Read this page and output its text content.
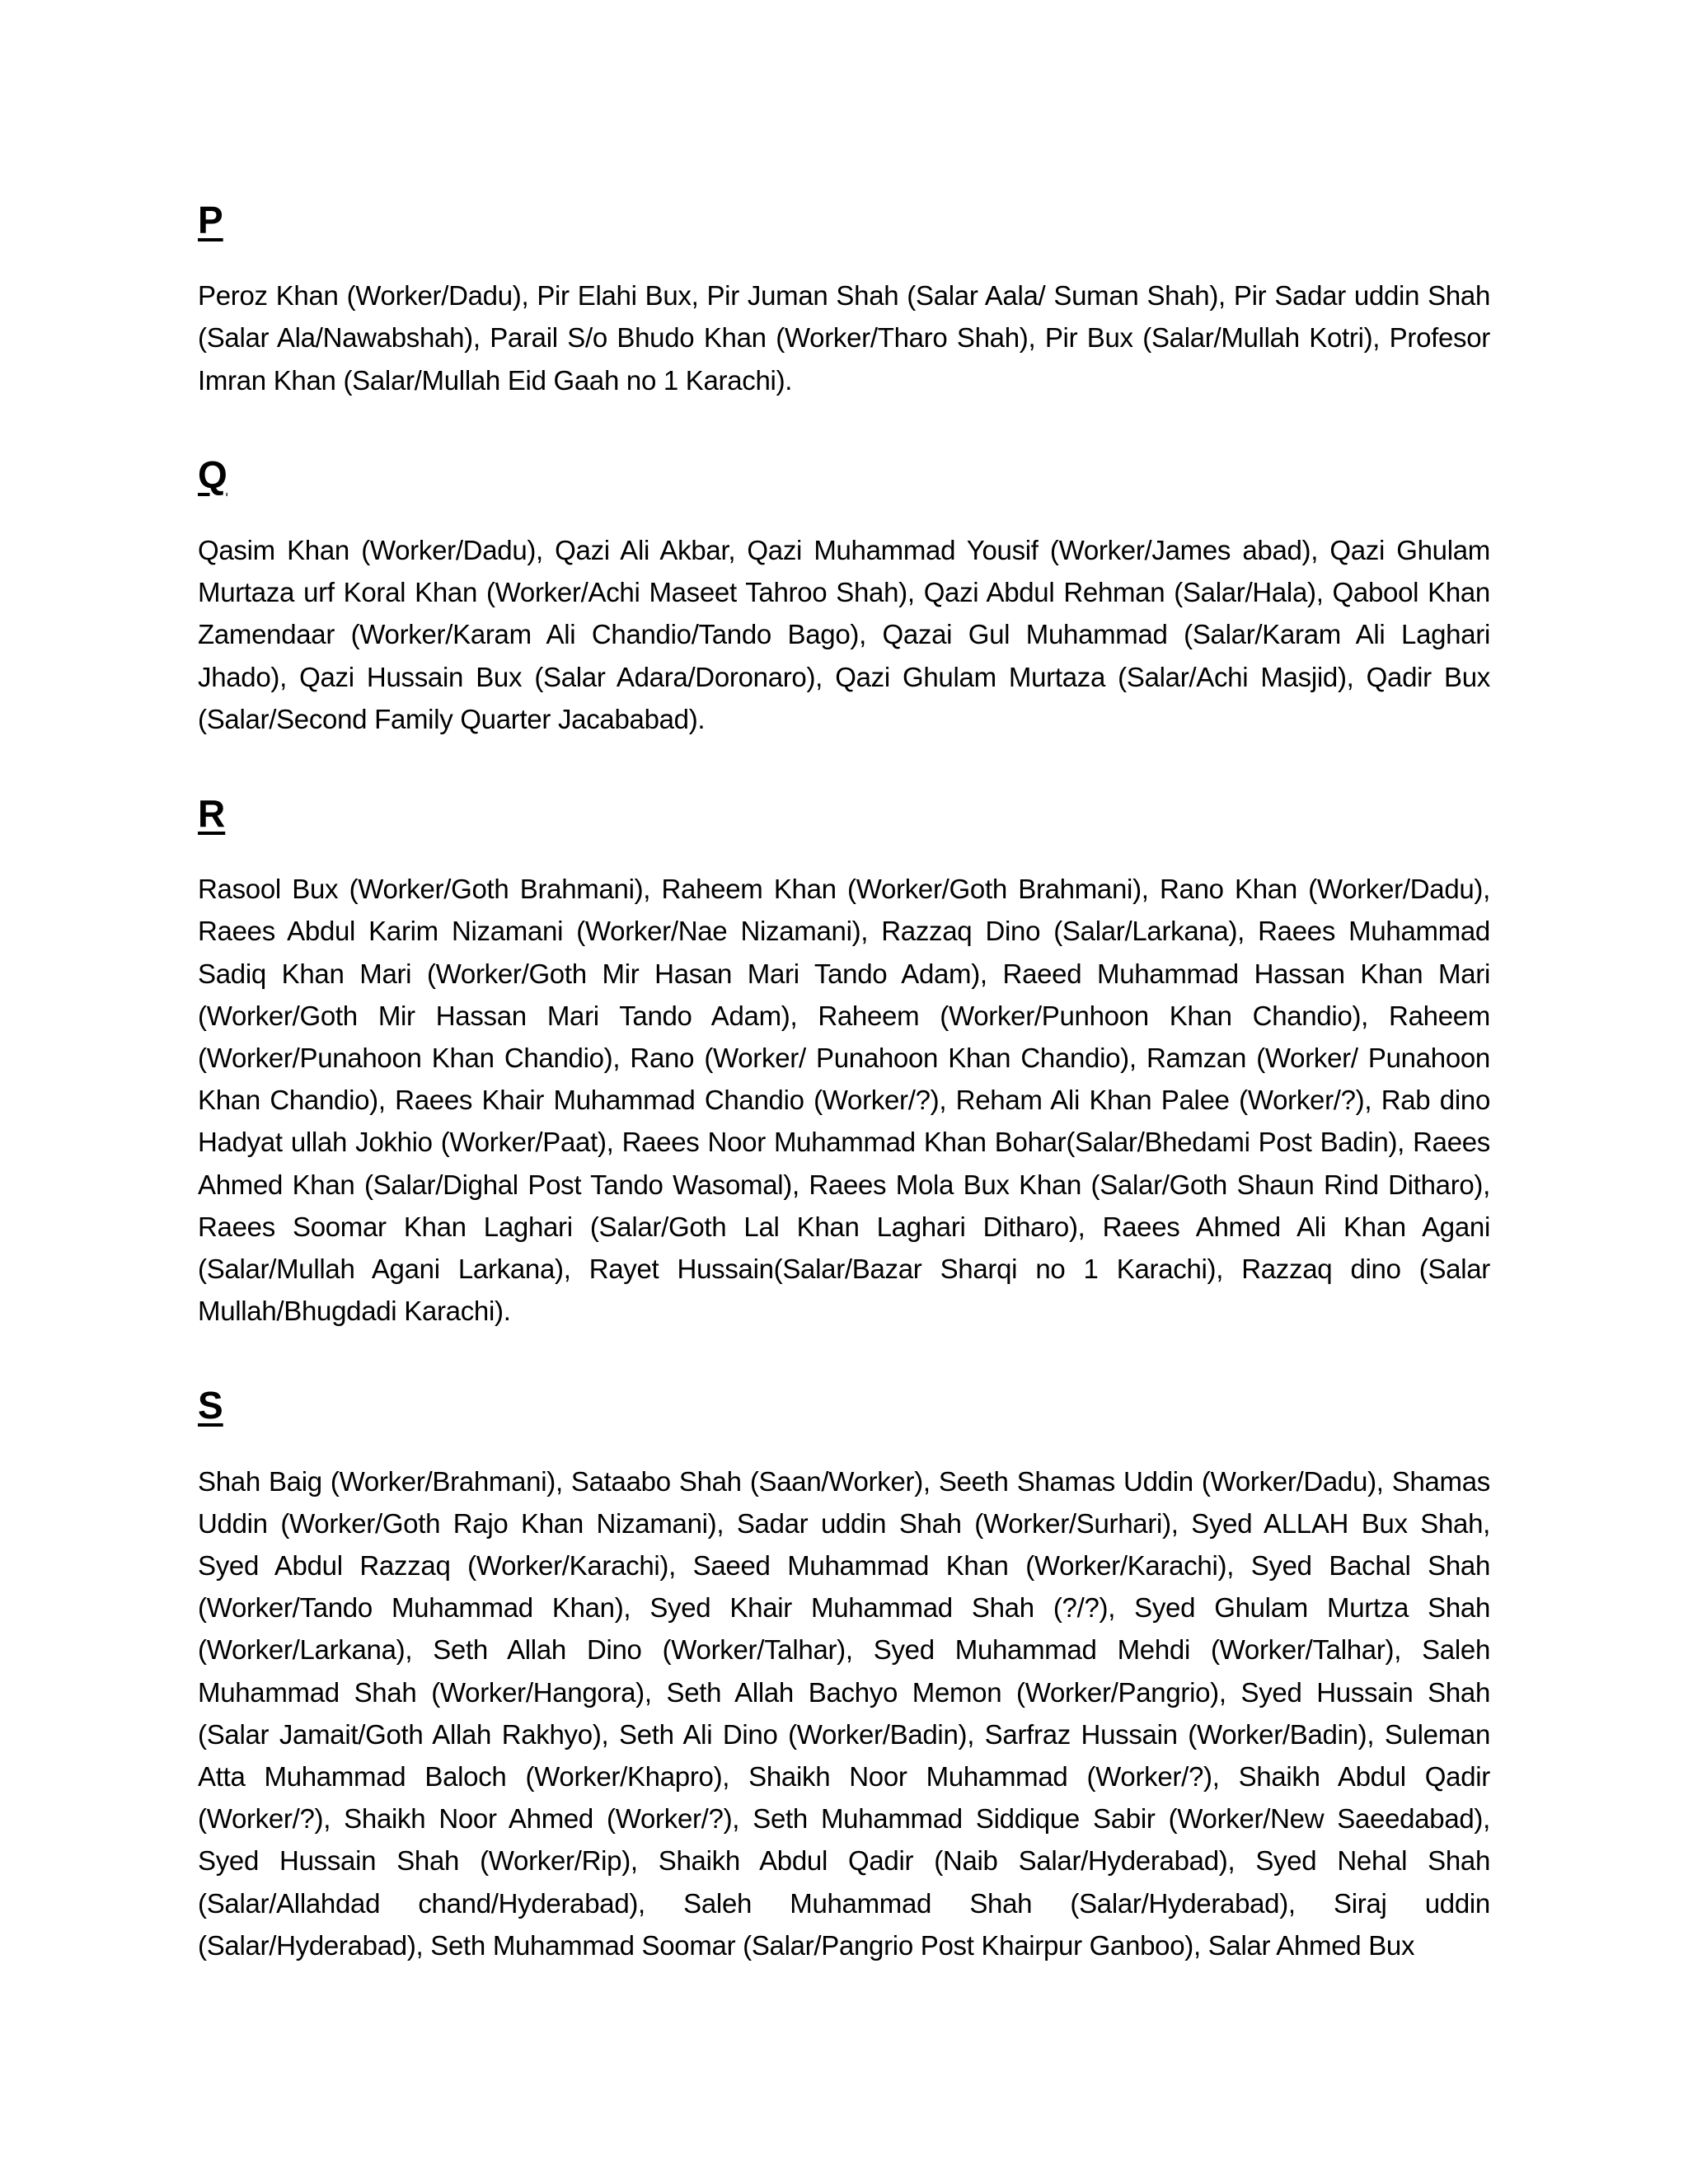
P

Peroz Khan (Worker/Dadu), Pir Elahi Bux, Pir Juman Shah (Salar Aala/ Suman Shah), Pir Sadar uddin Shah (Salar Ala/Nawabshah), Parail S/o Bhudo Khan (Worker/Tharo Shah), Pir Bux (Salar/Mullah Kotri), Profesor Imran Khan (Salar/Mullah Eid Gaah no 1 Karachi).

Q

Qasim Khan (Worker/Dadu), Qazi Ali Akbar, Qazi Muhammad Yousif (Worker/James abad), Qazi Ghulam Murtaza urf Koral Khan (Worker/Achi Maseet Tahroo Shah), Qazi Abdul Rehman (Salar/Hala), Qabool Khan Zamendaar (Worker/Karam Ali Chandio/Tando Bago), Qazai Gul Muhammad (Salar/Karam Ali Laghari Jhado), Qazi Hussain Bux (Salar Adara/Doronaro), Qazi Ghulam Murtaza (Salar/Achi Masjid), Qadir Bux (Salar/Second Family Quarter Jacababad).

R

Rasool Bux (Worker/Goth Brahmani), Raheem Khan (Worker/Goth Brahmani), Rano Khan (Worker/Dadu), Raees Abdul Karim Nizamani (Worker/Nae Nizamani), Razzaq Dino (Salar/Larkana), Raees Muhammad Sadiq Khan Mari (Worker/Goth Mir Hasan Mari Tando Adam), Raeed Muhammad Hassan Khan Mari (Worker/Goth Mir Hassan Mari Tando Adam), Raheem (Worker/Punhoon Khan Chandio), Raheem (Worker/Punahoon Khan Chandio), Rano (Worker/ Punahoon Khan Chandio), Ramzan (Worker/ Punahoon Khan Chandio), Raees Khair Muhammad Chandio (Worker/?), Reham Ali Khan Palee (Worker/?), Rab dino Hadyat ullah Jokhio (Worker/Paat), Raees Noor Muhammad Khan Bohar(Salar/Bhedami Post Badin), Raees Ahmed Khan (Salar/Dighal Post Tando Wasomal), Raees Mola Bux Khan (Salar/Goth Shaun Rind Ditharo), Raees Soomar Khan Laghari (Salar/Goth Lal Khan Laghari Ditharo), Raees Ahmed Ali Khan Agani (Salar/Mullah Agani Larkana), Rayet Hussain(Salar/Bazar Sharqi no 1 Karachi), Razzaq dino (Salar Mullah/Bhugdadi Karachi).

S

Shah Baig (Worker/Brahmani), Sataabo Shah (Saan/Worker), Seeth Shamas Uddin (Worker/Dadu), Shamas Uddin (Worker/Goth Rajo Khan Nizamani), Sadar uddin Shah (Worker/Surhari), Syed ALLAH Bux Shah, Syed Abdul Razzaq (Worker/Karachi), Saeed Muhammad Khan (Worker/Karachi), Syed Bachal Shah (Worker/Tando Muhammad Khan), Syed Khair Muhammad Shah (?/?), Syed Ghulam Murtza Shah (Worker/Larkana), Seth Allah Dino (Worker/Talhar), Syed Muhammad Mehdi (Worker/Talhar), Saleh Muhammad Shah (Worker/Hangora), Seth Allah Bachyo Memon (Worker/Pangrio), Syed Hussain Shah (Salar Jamait/Goth Allah Rakhyo), Seth Ali Dino (Worker/Badin), Sarfraz Hussain (Worker/Badin), Suleman Atta Muhammad Baloch (Worker/Khapro), Shaikh Noor Muhammad (Worker/?), Shaikh Abdul Qadir (Worker/?), Shaikh Noor Ahmed (Worker/?), Seth Muhammad Siddique Sabir (Worker/New Saeedabad), Syed Hussain Shah (Worker/Rip), Shaikh Abdul Qadir (Naib Salar/Hyderabad), Syed Nehal Shah (Salar/Allahdad chand/Hyderabad), Saleh Muhammad Shah (Salar/Hyderabad), Siraj uddin (Salar/Hyderabad), Seth Muhammad Soomar (Salar/Pangrio Post Khairpur Ganboo), Salar Ahmed Bux
